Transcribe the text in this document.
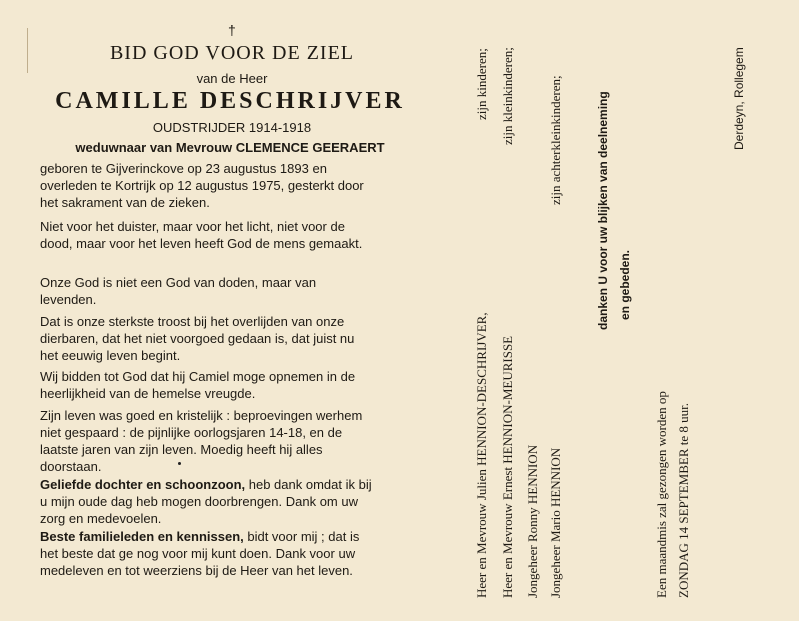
†
BID GOD VOOR DE ZIEL
van de Heer
CAMILLE DESCHRIJVER
OUDSTRIJDER 1914-1918
weduwnaar van Mevrouw CLEMENCE GEERAERT
geboren te Gijverinckove op 23 augustus 1893 en overleden te Kortrijk op 12 augustus 1975, gesterkt door het sakrament van de zieken.
Niet voor het duister, maar voor het licht, niet voor de dood, maar voor het leven heeft God de mens gemaakt.
Onze God is niet een God van doden, maar van levenden.
Dat is onze sterkste troost bij het overlijden van onze dierbaren, dat het niet voorgoed gedaan is, dat juist nu het eeuwig leven begint.
Wij bidden tot God dat hij Camiel moge opnemen in de heerlijkheid van de hemelse vreugde.
Zijn leven was goed en kristelijk : beproevingen werhem niet gespaard : de pijnlijke oorlogsjaren 14-18, en de laatste jaren van zijn leven. Moedig heeft hij alles doorstaan.
Geliefde dochter en schoonzoon, heb dank omdat ik bij u mijn oude dag heb mogen doorbrengen. Dank om uw zorg en medevoelen.
Beste familieleden en kennissen, bidt voor mij ; dat is het beste dat ge nog voor mij kunt doen. Dank voor uw medeleven en tot weerziens bij de Heer van het leven.	Heer en Mevrouw Julien HENNION-DESCHRIJVER,
zijn kinderen;
Heer en Mevrouw Ernest HENNION-MEURISSE
zijn kleinkinderen;
Jongeheer Ronny HENNION Jongeheer Mario HENNION
zijn achterkleinkinderen;	danken U voor uw blijken van deelneming en gebeden.
Een maandmis zal gezongen worden op ZONDAG 14 SEPTEMBER te 8 uur.
Derdeyn, Rollegem
